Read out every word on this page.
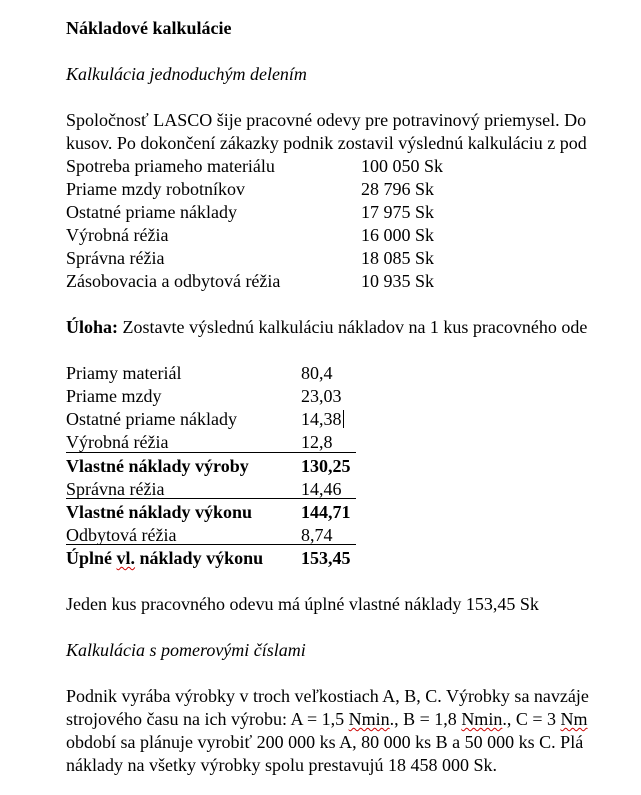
Nákladové kalkulácie
Kalkulácia jednoduchým delením
Spoločnosť LASCO šije pracovné odevy pre potravinový priemysel. Do
kusov. Po dokončení zákazky podnik zostavil výslednú kalkuláciu z pod
Spotreba priameho materiálu	100 050 Sk
Priame mzdy robotníkov	28 796 Sk
Ostatné priame náklady	17 975 Sk
Výrobná réžia	16 000 Sk
Správna réžia	18 085 Sk
Zásobovacia a odbytová réžia	10 935 Sk
Úloha: Zostavte výslednú kalkuláciu nákladov na 1 kus pracovného ode
Priamy materiál	80,4
Priame mzdy	23,03
Ostatné priame náklady	14,38
Výrobná réžia	12,8
Vlastné náklady výroby	130,25
Správna réžia	14,46
Vlastné náklady výkonu	144,71
Odbytová réžia	8,74
Úplné vl. náklady výkonu 153,45
Jeden kus pracovného odevu má úplné vlastné náklady 153,45 Sk
Kalkulácia s pomerovými číslami
Podnik vyrába výrobky v troch veľkostiach A, B, C. Výrobky sa navzáje
strojového času na ich výrobu: A = 1,5 Nmin., B = 1,8 Nmin., C = 3 Nm
období sa plánuje vyrobiť 200 000 ks A, 80 000 ks B a 50 000 ks C. Plá
náklady na všetky výrobky spolu prestavujú 18 458 000 Sk.
